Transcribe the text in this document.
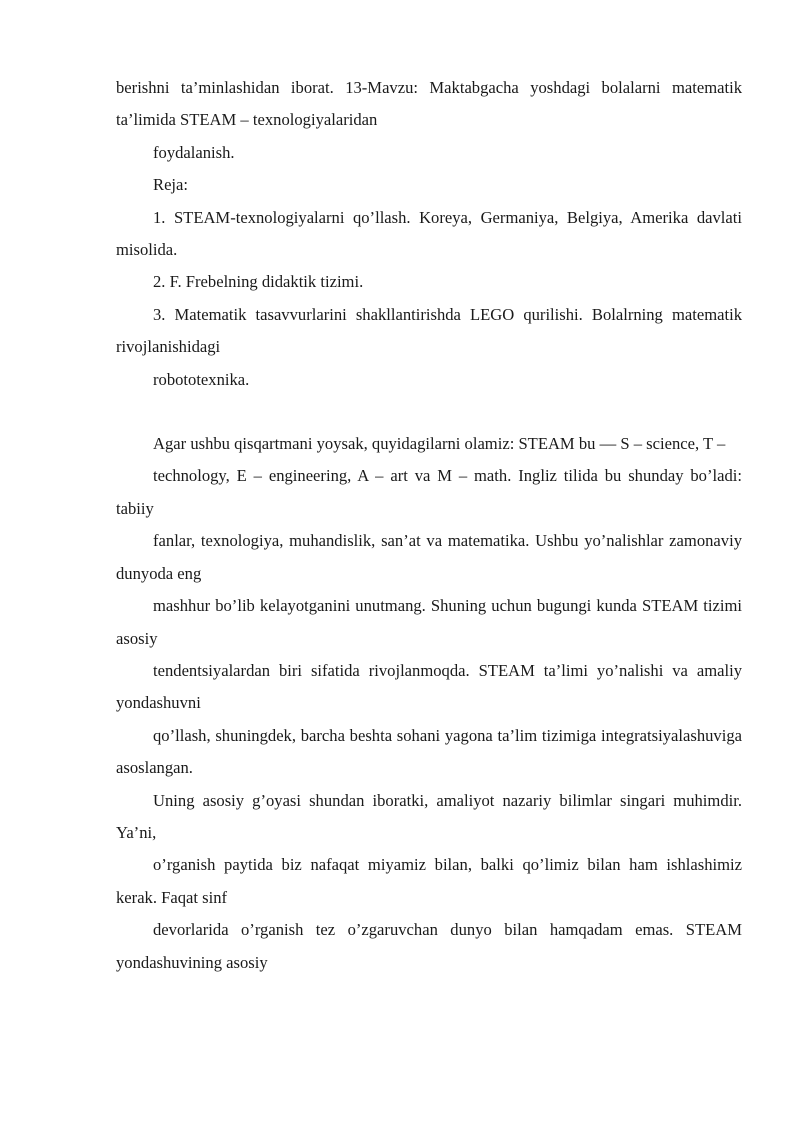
berishni ta’minlashidan iborat. 13-Mavzu: Maktabgacha yoshdagi bolalarni matematik ta’limida STEAM – texnologiyalaridan

foydalanish.

Reja:

1. STEAM-texnologiyalarni qo’llash. Koreya, Germaniya, Belgiya, Amerika davlati misolida.

2. F. Frebelning didaktik tizimi.

3. Matematik tasavvurlarini shakllantirishda LEGO qurilishi. Bolalrning matematik rivojlanishidagi

robototexnika.

Agar ushbu qisqartmani yoysak, quyidagilarni olamiz: STEAM bu — S – science, T –

technology, E – engineering, A – art va M – math. Ingliz tilida bu shunday bo’ladi: tabiiy

fanlar, texnologiya, muhandislik, san’at va matematika. Ushbu yo’nalishlar zamonaviy dunyoda eng

mashhur bo’lib kelayotganini unutmang. Shuning uchun bugungi kunda STEAM tizimi asosiy

tendentsiyalardan biri sifatida rivojlanmoqda. STEAM ta’limi yo’nalishi va amaliy yondashuvni

qo’llash, shuningdek, barcha beshta sohani yagona ta’lim tizimiga integratsiyalashuviga asoslangan.

Uning asosiy g’oyasi shundan iboratki, amaliyot nazariy bilimlar singari muhimdir. Ya’ni,

o’rganish paytida biz nafaqat miyamiz bilan, balki qo’limiz bilan ham ishlashimiz kerak. Faqat sinf

devorlarida o’rganish tez o’zgaruvchan dunyo bilan hamqadam emas. STEAM yondashuvining asosiy
